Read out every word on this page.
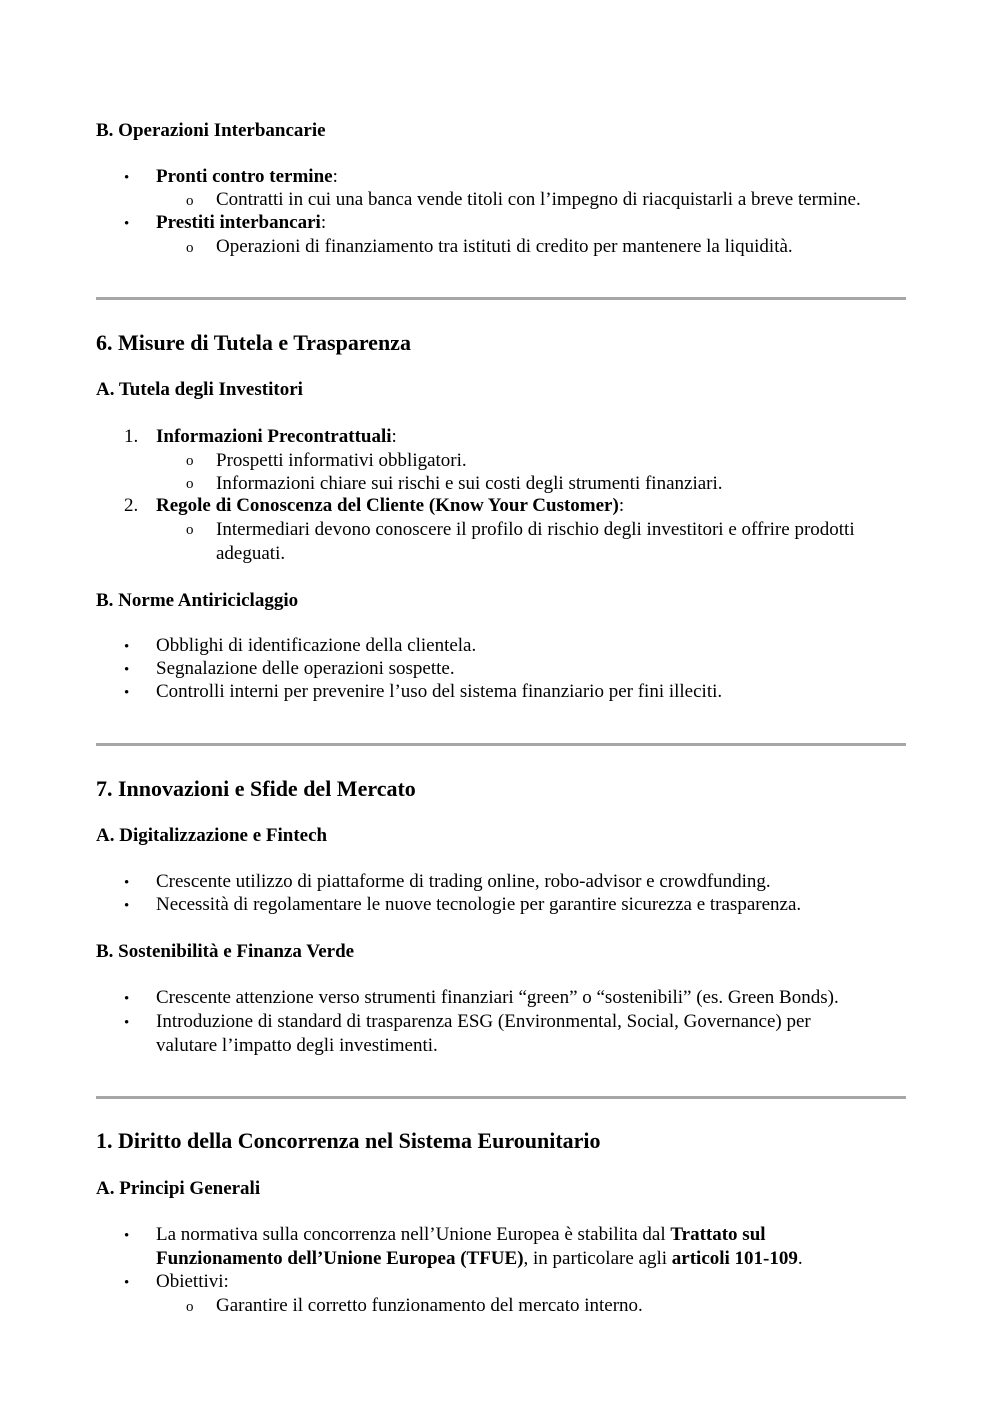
B. Operazioni Interbancarie

• Pronti contro termine:

o Contratti in cui una banca vende titoli con l’impegno di riacquistarli a breve termine.

• Prestiti interbancari:

o Operazioni di finanziamento tra istituti di credito per mantenere la liquidità.

6. Misure di Tutela e Trasparenza

A. Tutela degli Investitori

1. Informazioni Precontrattuali:

o Prospetti informativi obbligatori.

o Informazioni chiare sui rischi e sui costi degli strumenti finanziari.

2. Regole di Conoscenza del Cliente (Know Your Customer):

o Intermediari devono conoscere il profilo di rischio degli investitori e offrire prodotti adeguati.

B. Norme Antiriciclaggio

• Obblighi di identificazione della clientela.

• Segnalazione delle operazioni sospette.

• Controlli interni per prevenire l’uso del sistema finanziario per fini illeciti.

7. Innovazioni e Sfide del Mercato

A. Digitalizzazione e Fintech

• Crescente utilizzo di piattaforme di trading online, robo-advisor e crowdfunding.

• Necessità di regolamentare le nuove tecnologie per garantire sicurezza e trasparenza.

B. Sostenibilità e Finanza Verde

• Crescente attenzione verso strumenti finanziari “green” o “sostenibili” (es. Green Bonds).

• Introduzione di standard di trasparenza ESG (Environmental, Social, Governance) per valutare l’impatto degli investimenti.

1. Diritto della Concorrenza nel Sistema Eurounitario

A. Principi Generali

• La normativa sulla concorrenza nell’Unione Europea è stabilita dal Trattato sul Funzionamento dell’Unione Europea (TFUE), in particolare agli articoli 101-109.

• Obiettivi:

o Garantire il corretto funzionamento del mercato interno.
